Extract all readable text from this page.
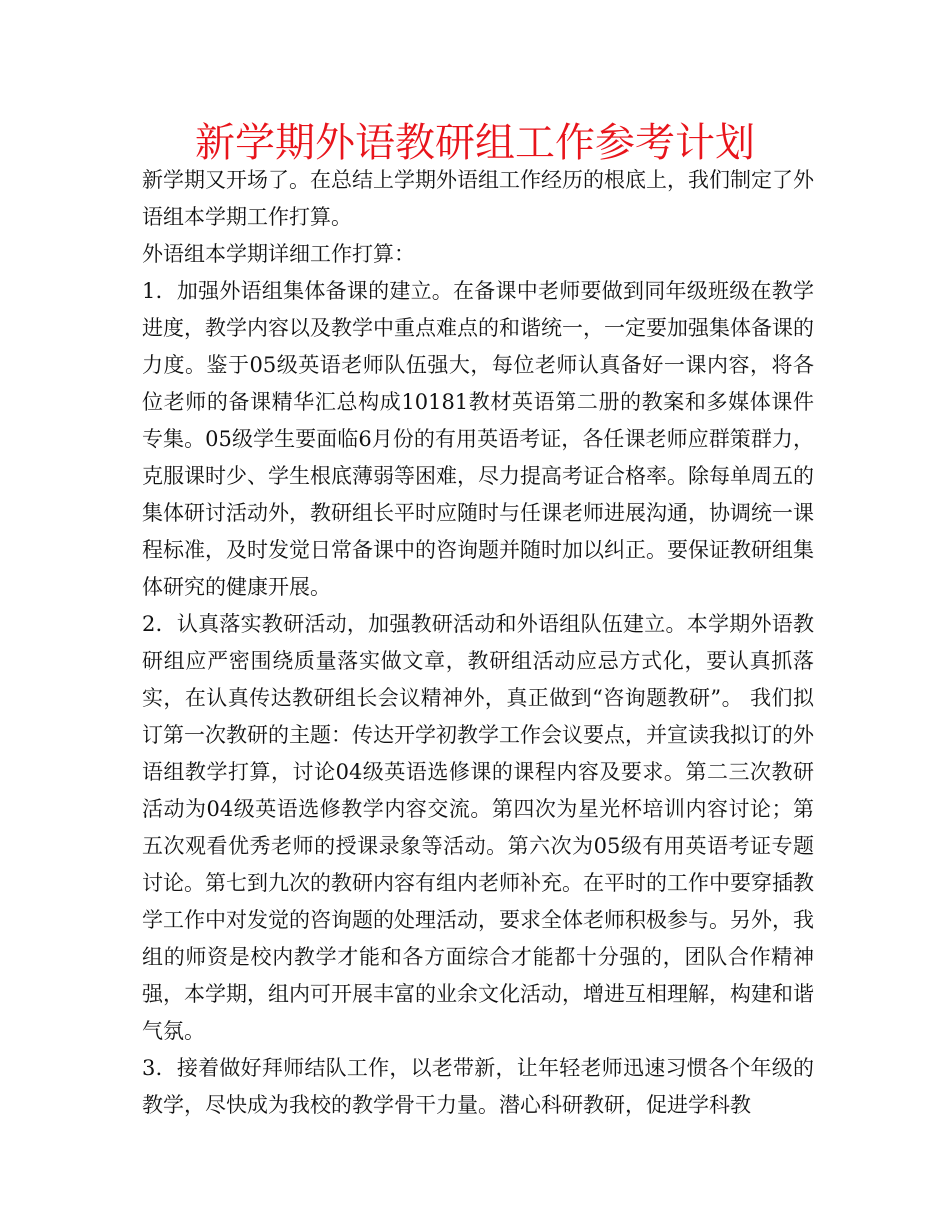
新学期外语教研组工作参考计划

新学期又开场了。在总结上学期外语组工作经历的根底上，我们制定了外语组本学期工作打算。

外语组本学期详细工作打算：

1．加强外语组集体备课的建立。在备课中老师要做到同年级班级在教学进度，教学内容以及教学中重点难点的和谐统一，一定要加强集体备课的力度。鉴于05级英语老师队伍强大，每位老师认真备好一课内容，将各位老师的备课精华汇总构成10181教材英语第二册的教案和多媒体课件专集。05级学生要面临6月份的有用英语考证，各任课老师应群策群力，克服课时少、学生根底薄弱等困难，尽力提高考证合格率。除每单周五的集体研讨活动外，教研组长平时应随时与任课老师进展沟通，协调统一课程标准，及时发觉日常备课中的咨询题并随时加以纠正。要保证教研组集体研究的健康开展。

2．认真落实教研活动，加强教研活动和外语组队伍建立。本学期外语教研组应严密围绕质量落实做文章，教研组活动应忌方式化，要认真抓落实，在认真传达教研组长会议精神外，真正做到“咨询题教研”。 我们拟订第一次教研的主题：传达开学初教学工作会议要点，并宣读我拟订的外语组教学打算，讨论04级英语选修课的课程内容及要求。第二三次教研活动为04级英语选修教学内容交流。第四次为星光杯培训内容讨论；第五次观看优秀老师的授课录象等活动。第六次为05级有用英语考证专题讨论。第七到九次的教研内容有组内老师补充。在平时的工作中要穿插教学工作中对发觉的咨询题的处理活动，要求全体老师积极参与。另外，我组的师资是校内教学才能和各方面综合才能都十分强的，团队合作精神强，本学期，组内可开展丰富的业余文化活动，增进互相理解，构建和谐气氛。

3．接着做好拜师结队工作，以老带新，让年轻老师迅速习惯各个年级的教学，尽快成为我校的教学骨干力量。潜心科研教研，促进学科教
